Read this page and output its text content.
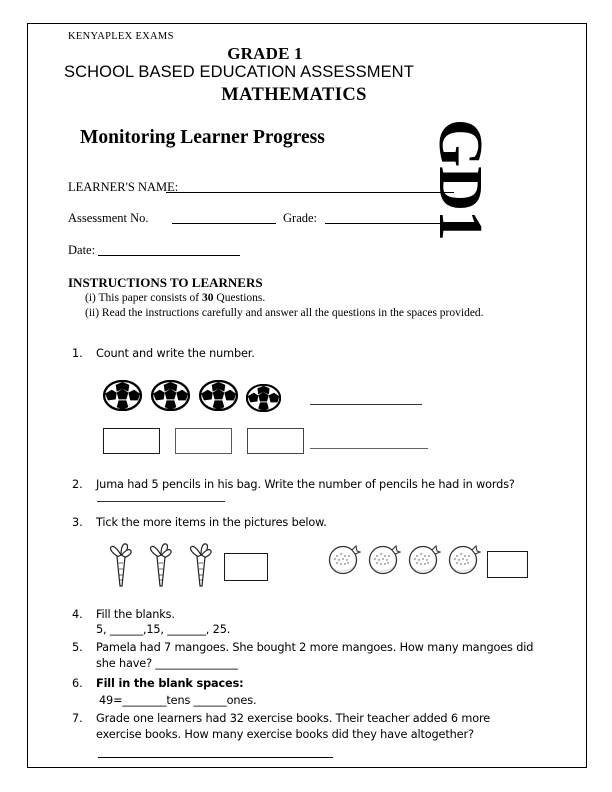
KENYAPLEX EXAMS
GRADE 1
SCHOOL BASED EDUCATION ASSESSMENT
MATHEMATICS
Monitoring Learner Progress GD1
LEARNER'S NAME:
Assessment No.	Grade:
Date:
INSTRUCTIONS TO LEARNERS
(i) This paper consists of 30 Questions.
(ii) Read the instructions carefully and answer all the questions in the spaces provided.
1. Count and write the number.
2. Juma had 5 pencils in his bag. Write the number of pencils he had in words?
3. Tick the more items in the pictures below.
4. Fill the blanks.
5, ______,15, _______, 25.
5. Pamela had 7 mangoes. She bought 2 more mangoes. How many mangoes did
she have? _______________
6. Fill in the blank spaces:
49=________tens ______ones.
7. Grade one learners had 32 exercise books. Their teacher added 6 more
exercise books. How many exercise books did they have altogether?
